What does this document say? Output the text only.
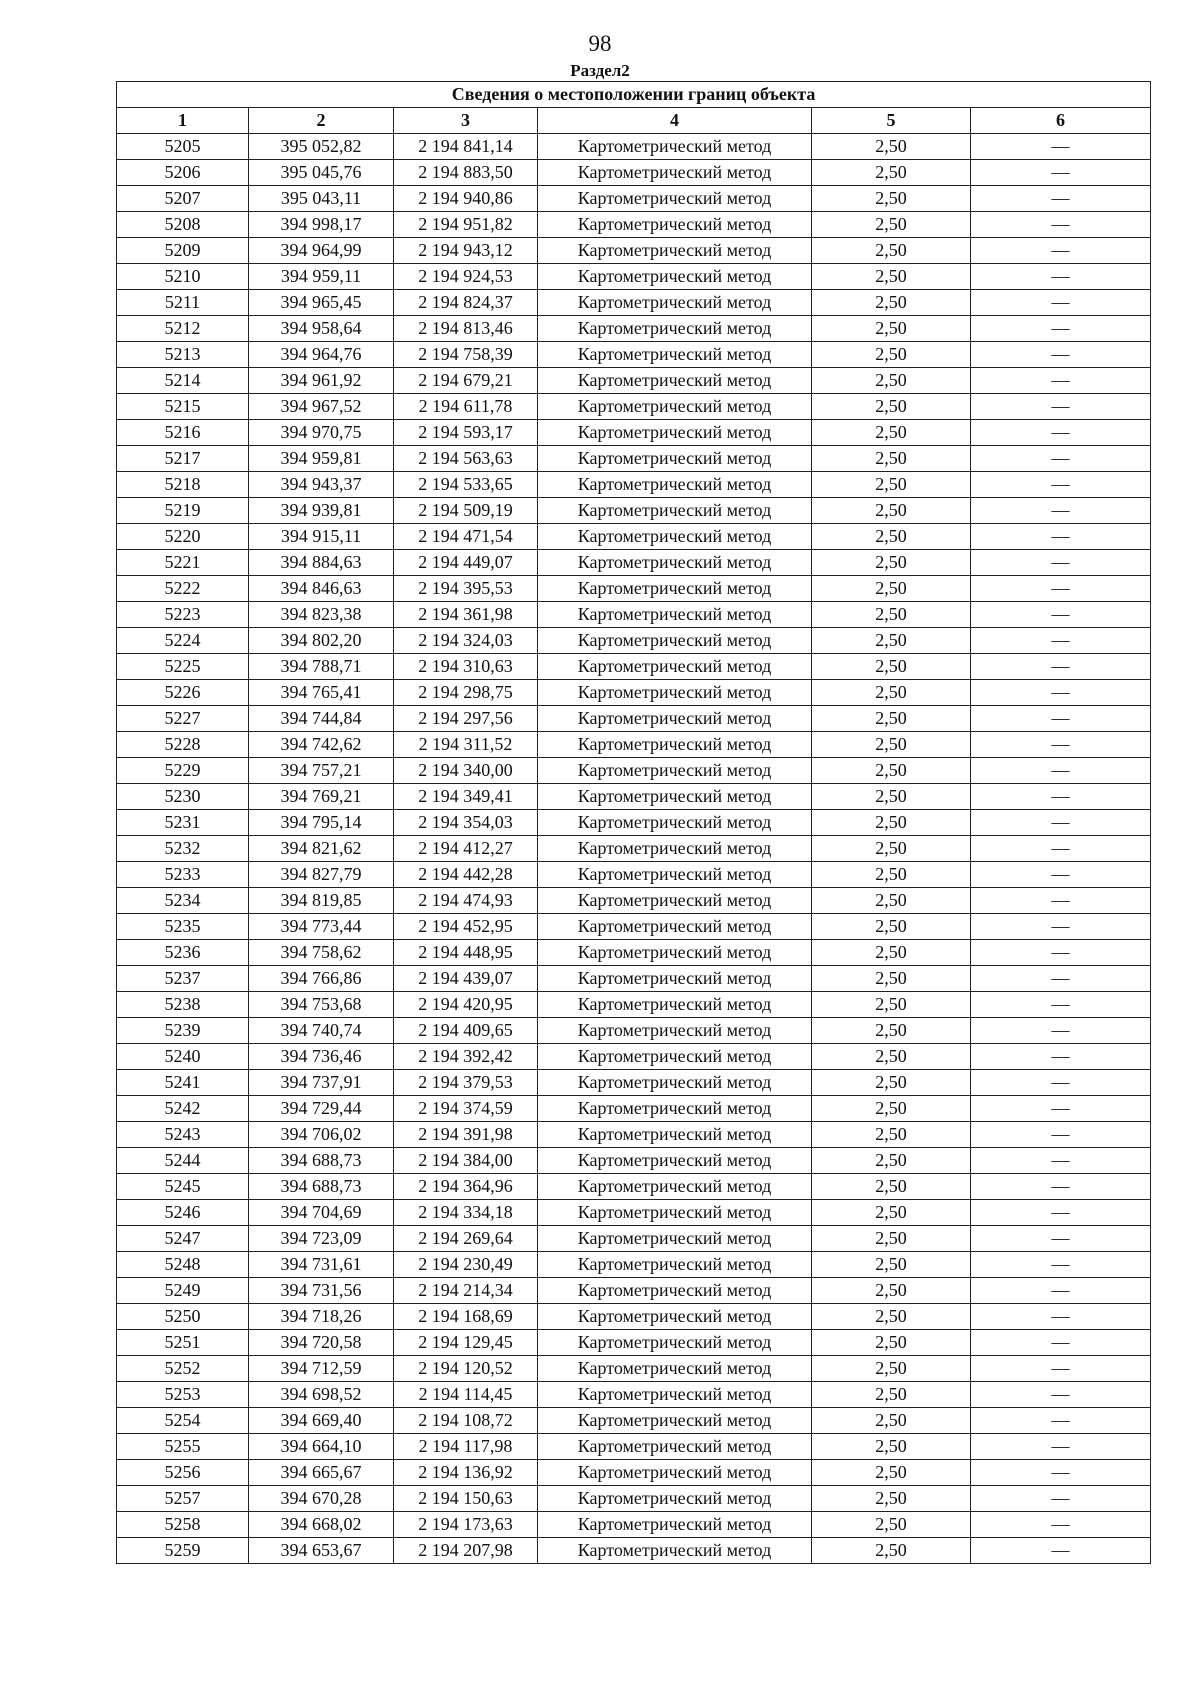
98
Раздел2
Сведения о местоположении границ объекта					
1	2	3	4	5	6
5205	395 052,82	2 194 841,14	Картометрический метод	2,50	—
5206	395 045,76	2 194 883,50	Картометрический метод	2,50	—
5207	395 043,11	2 194 940,86	Картометрический метод	2,50	—
5208	394 998,17	2 194 951,82	Картометрический метод	2,50	—
5209	394 964,99	2 194 943,12	Картометрический метод	2,50	—
5210	394 959,11	2 194 924,53	Картометрический метод	2,50	—
5211	394 965,45	2 194 824,37	Картометрический метод	2,50	—
5212	394 958,64	2 194 813,46	Картометрический метод	2,50	—
5213	394 964,76	2 194 758,39	Картометрический метод	2,50	—
5214	394 961,92	2 194 679,21	Картометрический метод	2,50	—
5215	394 967,52	2 194 611,78	Картометрический метод	2,50	—
5216	394 970,75	2 194 593,17	Картометрический метод	2,50	—
5217	394 959,81	2 194 563,63	Картометрический метод	2,50	—
5218	394 943,37	2 194 533,65	Картометрический метод	2,50	—
5219	394 939,81	2 194 509,19	Картометрический метод	2,50	—
5220	394 915,11	2 194 471,54	Картометрический метод	2,50	—
5221	394 884,63	2 194 449,07	Картометрический метод	2,50	—
5222	394 846,63	2 194 395,53	Картометрический метод	2,50	—
5223	394 823,38	2 194 361,98	Картометрический метод	2,50	—
5224	394 802,20	2 194 324,03	Картометрический метод	2,50	—
5225	394 788,71	2 194 310,63	Картометрический метод	2,50	—
5226	394 765,41	2 194 298,75	Картометрический метод	2,50	—
5227	394 744,84	2 194 297,56	Картометрический метод	2,50	—
5228	394 742,62	2 194 311,52	Картометрический метод	2,50	—
5229	394 757,21	2 194 340,00	Картометрический метод	2,50	—
5230	394 769,21	2 194 349,41	Картометрический метод	2,50	—
5231	394 795,14	2 194 354,03	Картометрический метод	2,50	—
5232	394 821,62	2 194 412,27	Картометрический метод	2,50	—
5233	394 827,79	2 194 442,28	Картометрический метод	2,50	—
5234	394 819,85	2 194 474,93	Картометрический метод	2,50	—
5235	394 773,44	2 194 452,95	Картометрический метод	2,50	—
5236	394 758,62	2 194 448,95	Картометрический метод	2,50	—
5237	394 766,86	2 194 439,07	Картометрический метод	2,50	—
5238	394 753,68	2 194 420,95	Картометрический метод	2,50	—
5239	394 740,74	2 194 409,65	Картометрический метод	2,50	—
5240	394 736,46	2 194 392,42	Картометрический метод	2,50	—
5241	394 737,91	2 194 379,53	Картометрический метод	2,50	—
5242	394 729,44	2 194 374,59	Картометрический метод	2,50	—
5243	394 706,02	2 194 391,98	Картометрический метод	2,50	—
5244	394 688,73	2 194 384,00	Картометрический метод	2,50	—
5245	394 688,73	2 194 364,96	Картометрический метод	2,50	—
5246	394 704,69	2 194 334,18	Картометрический метод	2,50	—
5247	394 723,09	2 194 269,64	Картометрический метод	2,50	—
5248	394 731,61	2 194 230,49	Картометрический метод	2,50	—
5249	394 731,56	2 194 214,34	Картометрический метод	2,50	—
5250	394 718,26	2 194 168,69	Картометрический метод	2,50	—
5251	394 720,58	2 194 129,45	Картометрический метод	2,50	—
5252	394 712,59	2 194 120,52	Картометрический метод	2,50	—
5253	394 698,52	2 194 114,45	Картометрический метод	2,50	—
5254	394 669,40	2 194 108,72	Картометрический метод	2,50	—
5255	394 664,10	2 194 117,98	Картометрический метод	2,50	—
5256	394 665,67	2 194 136,92	Картометрический метод	2,50	—
5257	394 670,28	2 194 150,63	Картометрический метод	2,50	—
5258	394 668,02	2 194 173,63	Картометрический метод	2,50	—
5259	394 653,67	2 194 207,98	Картометрический метод	2,50	—
